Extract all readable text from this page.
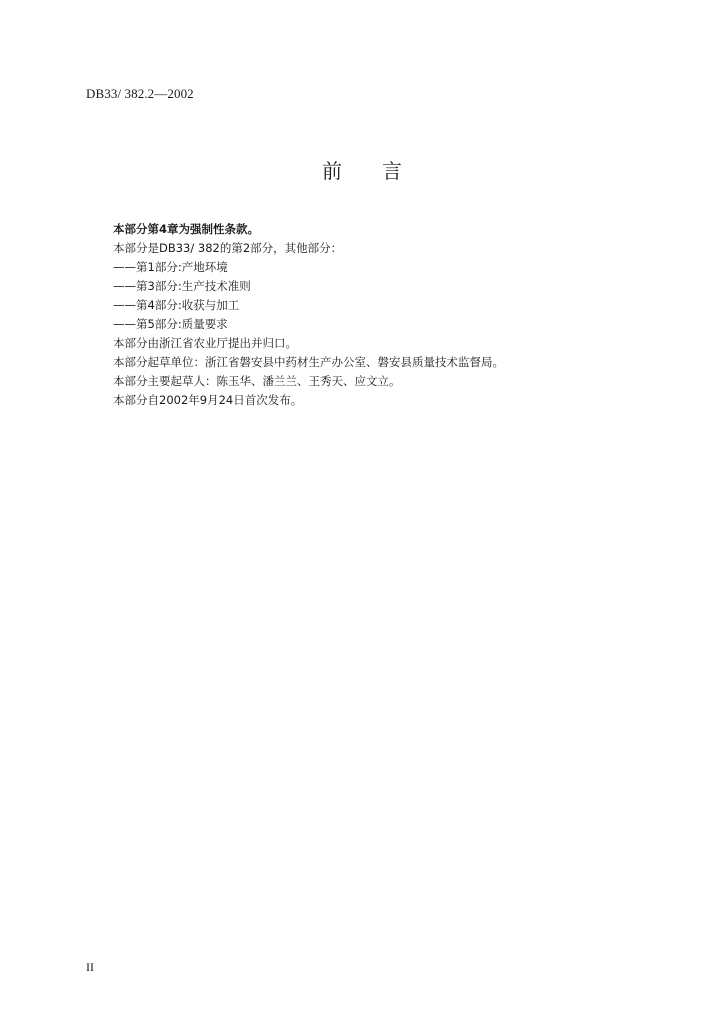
DB33/ 382.2—2002
前 言
本部分第4章为强制性条款。
本部分是DB33/ 382的第2部分，其他部分：
——第1部分:产地环境
——第3部分:生产技术准则
——第4部分:收获与加工
——第5部分:质量要求
本部分由浙江省农业厅提出并归口。
本部分起草单位：浙江省磐安县中药材生产办公室、磐安县质量技术监督局。
本部分主要起草人：陈玉华、潘兰兰、王秀天、应文立。
本部分自2002年9月24日首次发布。
II
